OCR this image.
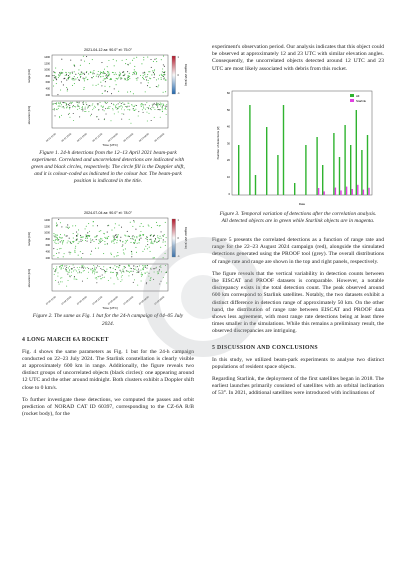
2021-04-12 az: 90.0° el: 75.0°
range [km]
elevation [km]
1400
1200
1000
800
600
400
200
1
0
-1
Doppler shift [km/s]
04-12 12:00 04-12 15:00 04-12 18:00 04-12 21:00 04-13 00:00 04-13 03:00 04-13 06:00 04-13 09:00
Time [UTC]
Figure 1. 24-h detections from the 12–13 April 2021 beam-park experiment. Correlated and uncorrelated detections are indicated with green and black circles, respectively. The circle fill is the Doppler shift, and it is colour-coded as indicated in the colour bar. The beam-park position is indicated in the title.
2024-07-04 az: 90.0° el: 78.0°
range [km]
elevation [km]
1400
1200
1000
800
600
400
200
1
0
-1
Doppler shift [km/s]
07-04 12:00 07-04 15:00 07-04 18:00 07-04 21:00 07-05 00:00 07-05 03:00 07-05 06:00 07-05 09:00
Time [UTC]
Figure 2. The same as Fig. 1 but for the 24-h campaign of 04–05 July 2024.
4 LONG MARCH 6A ROCKET

Fig. 4 shows the same parameters as Fig. 1 but for the 24-h campaign conducted on 22–23 July 2024. The Starlink constellation is clearly visible at approximately 600 km in range. Additionally, the figure reveals two distinct groups of uncorrelated objects (black circles): one appearing around 12 UTC and the other around midnight. Both clusters exhibit a Doppler shift close to 0 km/s.

To further investigate these detections, we computed the passes and orbit prediction of NORAD CAT ID 60397, corresponding to the CZ-6A R/B (rocket body), for the

experiment's observation period. Our analysis indicates that this object could be observed at approximately 12 and 23 UTC with similar elevation angles. Consequently, the uncorrelated objects detected around 12 UTC and 23 UTC are most likely associated with debris from this rocket.

Number of detections [#]
60
50
40
30
20
10
0
All
Starlink
Date
Figure 3. Temporal variation of detections after the correlation analysis. All detected objects are in green while Starlink objects are in magenta.

Figure 5 presents the correlated detections as a function of range rate and range for the 22–23 August 2024 campaign (red), alongside the simulated detections generated using the PROOF tool (grey). The overall distributions of range rate and range are shown in the top and right panels, respectively.

The figure reveals that the vertical variability in detection counts between the EISCAT and PROOF datasets is comparable. However, a notable discrepancy exists in the total detection count. The peak observed around 600 km correspond to Starlink satellites. Notably, the two datasets exhibit a distinct difference in detection range of approximately 50 km. On the other hand, the distribution of range rate between EISCAT and PROOF data shows less agreement, with most range rate detections being at least three times smaller in the simulations. While this remains a preliminary result, the observed discrepancies are intriguing.

5 DISCUSSION AND CONCLUSIONS

In this study, we utilized beam-park experiments to analyse two distinct populations of resident space objects.

Regarding Starlink, the deployment of the first satellites began in 2018. The earliest launches primarily consisted of satellites with an orbital inclination of 53°. In 2021, additional satellites were introduced with inclinations of
